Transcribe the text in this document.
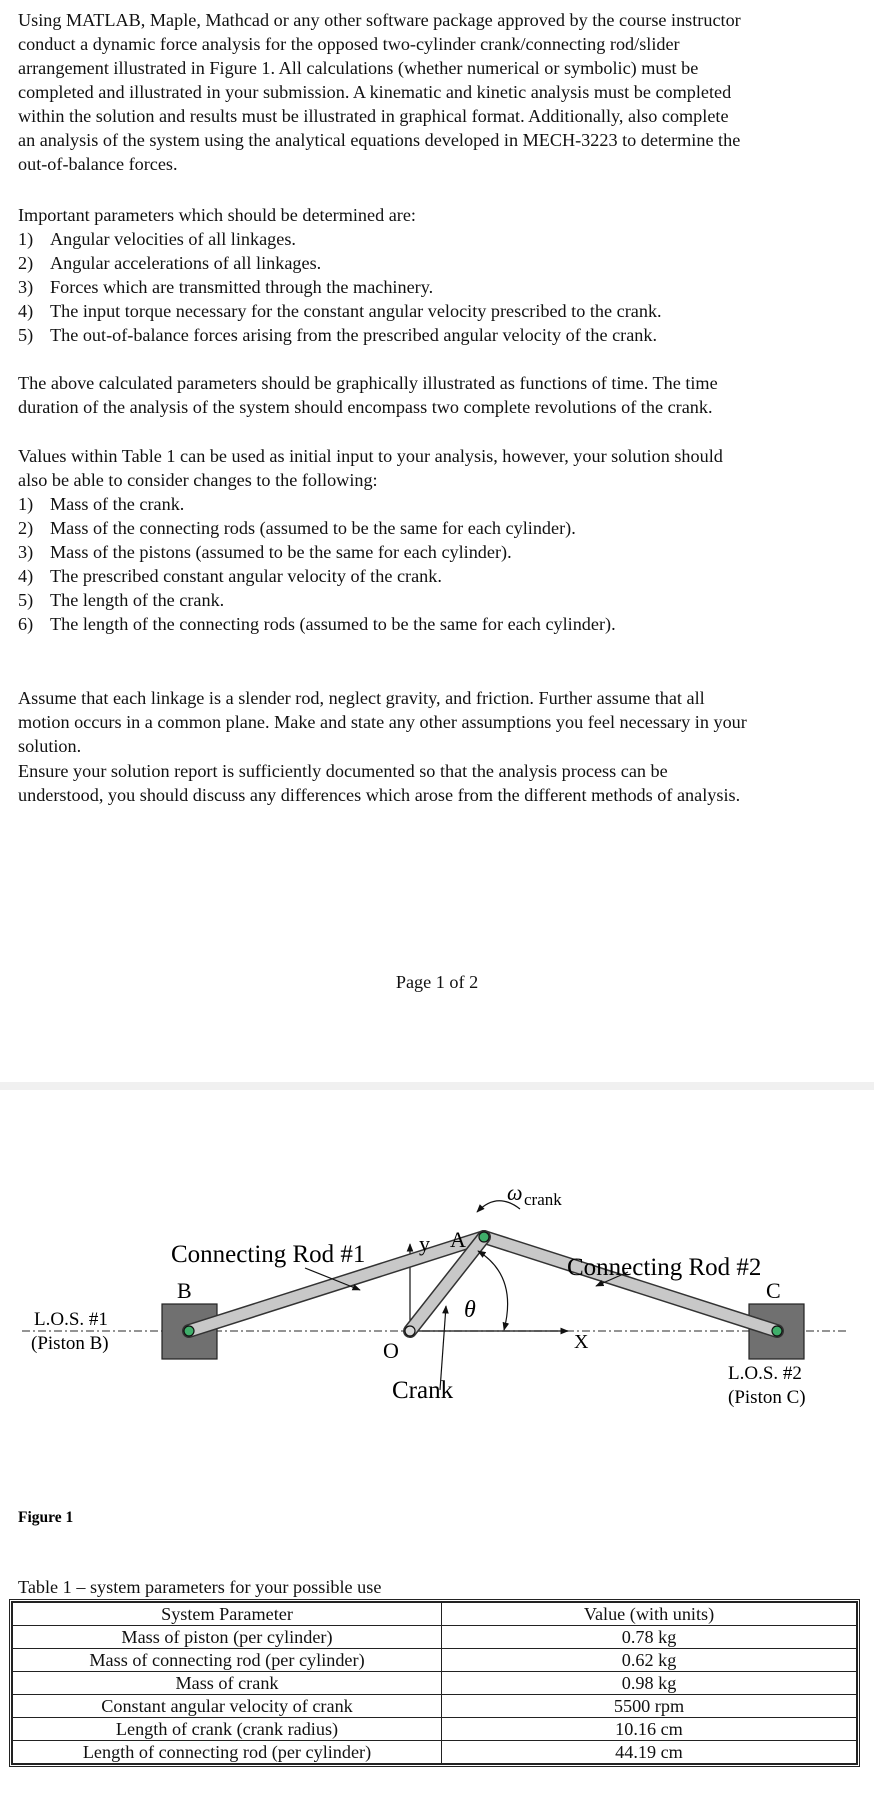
Using MATLAB, Maple, Mathcad or any other software package approved by the course instructor
conduct a dynamic force analysis for the opposed two-cylinder crank/connecting rod/slider
arrangement illustrated in Figure 1. All calculations (whether numerical or symbolic) must be
completed and illustrated in your submission. A kinematic and kinetic analysis must be completed
within the solution and results must be illustrated in graphical format. Additionally, also complete
an analysis of the system using the analytical equations developed in MECH-3223 to determine the
out-of-balance forces.
Important parameters which should be determined are:
1) Angular velocities of all linkages.
2) Angular accelerations of all linkages.
3) Forces which are transmitted through the machinery.
4) The input torque necessary for the constant angular velocity prescribed to the crank.
5) The out-of-balance forces arising from the prescribed angular velocity of the crank.
The above calculated parameters should be graphically illustrated as functions of time. The time
duration of the analysis of the system should encompass two complete revolutions of the crank.
Values within Table 1 can be used as initial input to your analysis, however, your solution should
also be able to consider changes to the following:
1) Mass of the crank.
2) Mass of the connecting rods (assumed to be the same for each cylinder).
3) Mass of the pistons (assumed to be the same for each cylinder).
4) The prescribed constant angular velocity of the crank.
5) The length of the crank.
6) The length of the connecting rods (assumed to be the same for each cylinder).
Assume that each linkage is a slender rod, neglect gravity, and friction. Further assume that all
motion occurs in a common plane. Make and state any other assumptions you feel necessary in your
solution.
Ensure your solution report is sufficiently documented so that the analysis process can be
understood, you should discuss any differences which arose from the different methods of analysis.
Page 1 of 2
y
ω crank
Connecting Rod #1
A
Connecting Rod #2
B	C
θ
X
O
Crank
L.O.S. #1
(Piston B)
L.O.S. #2
(Piston C)
Figure 1
Table 1 – system parameters for your possible use
System Parameter	Value (with units)
Mass of piston (per cylinder)	0.78 kg
Mass of connecting rod (per cylinder)	0.62 kg
Mass of crank	0.98 kg
Constant angular velocity of crank	5500 rpm
Length of crank (crank radius)	10.16 cm
Length of connecting rod (per cylinder)	44.19 cm
